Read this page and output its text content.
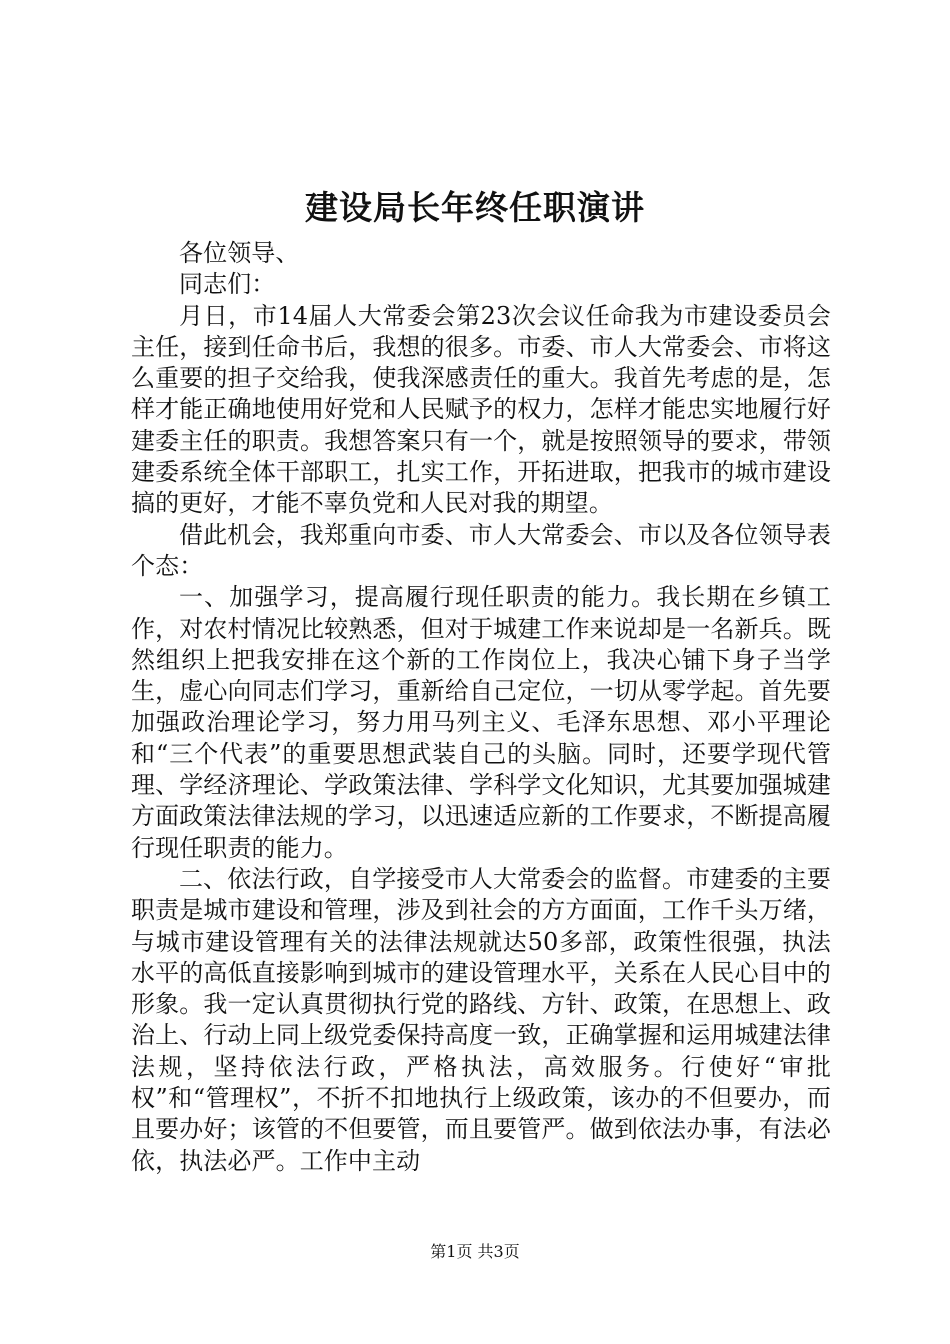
建设局长年终任职演讲

各位领导、

同志们：

月日，市14届人大常委会第23次会议任命我为市建设委员会主任，接到任命书后，我想的很多。市委、市人大常委会、市将这么重要的担子交给我，使我深感责任的重大。我首先考虑的是，怎样才能正确地使用好党和人民赋予的权力，怎样才能忠实地履行好建委主任的职责。我想答案只有一个，就是按照领导的要求，带领建委系统全体干部职工，扎实工作，开拓进取，把我市的城市建设搞的更好，才能不辜负党和人民对我的期望。

借此机会，我郑重向市委、市人大常委会、市以及各位领导表个态：

一、加强学习，提高履行现任职责的能力。我长期在乡镇工作，对农村情况比较熟悉，但对于城建工作来说却是一名新兵。既然组织上把我安排在这个新的工作岗位上，我决心铺下身子当学生，虚心向同志们学习，重新给自己定位，一切从零学起。首先要加强政治理论学习，努力用马列主义、毛泽东思想、邓小平理论和“三个代表”的重要思想武装自己的头脑。同时，还要学现代管理、学经济理论、学政策法律、学科学文化知识，尤其要加强城建方面政策法律法规的学习，以迅速适应新的工作要求，不断提高履行现任职责的能力。

二、依法行政，自学接受市人大常委会的监督。市建委的主要职责是城市建设和管理，涉及到社会的方方面面，工作千头万绪，与城市建设管理有关的法律法规就达50多部，政策性很强，执法水平的高低直接影响到城市的建设管理水平，关系在人民心目中的形象。我一定认真贯彻执行党的路线、方针、政策，在思想上、政治上、行动上同上级党委保持高度一致，正确掌握和运用城建法律法规，坚持依法行政，严格执法，高效服务。行使好“审批权”和“管理权”，不折不扣地执行上级政策，该办的不但要办，而且要办好；该管的不但要管，而且要管严。做到依法办事，有法必依，执法必严。工作中主动

第1页 共3页
